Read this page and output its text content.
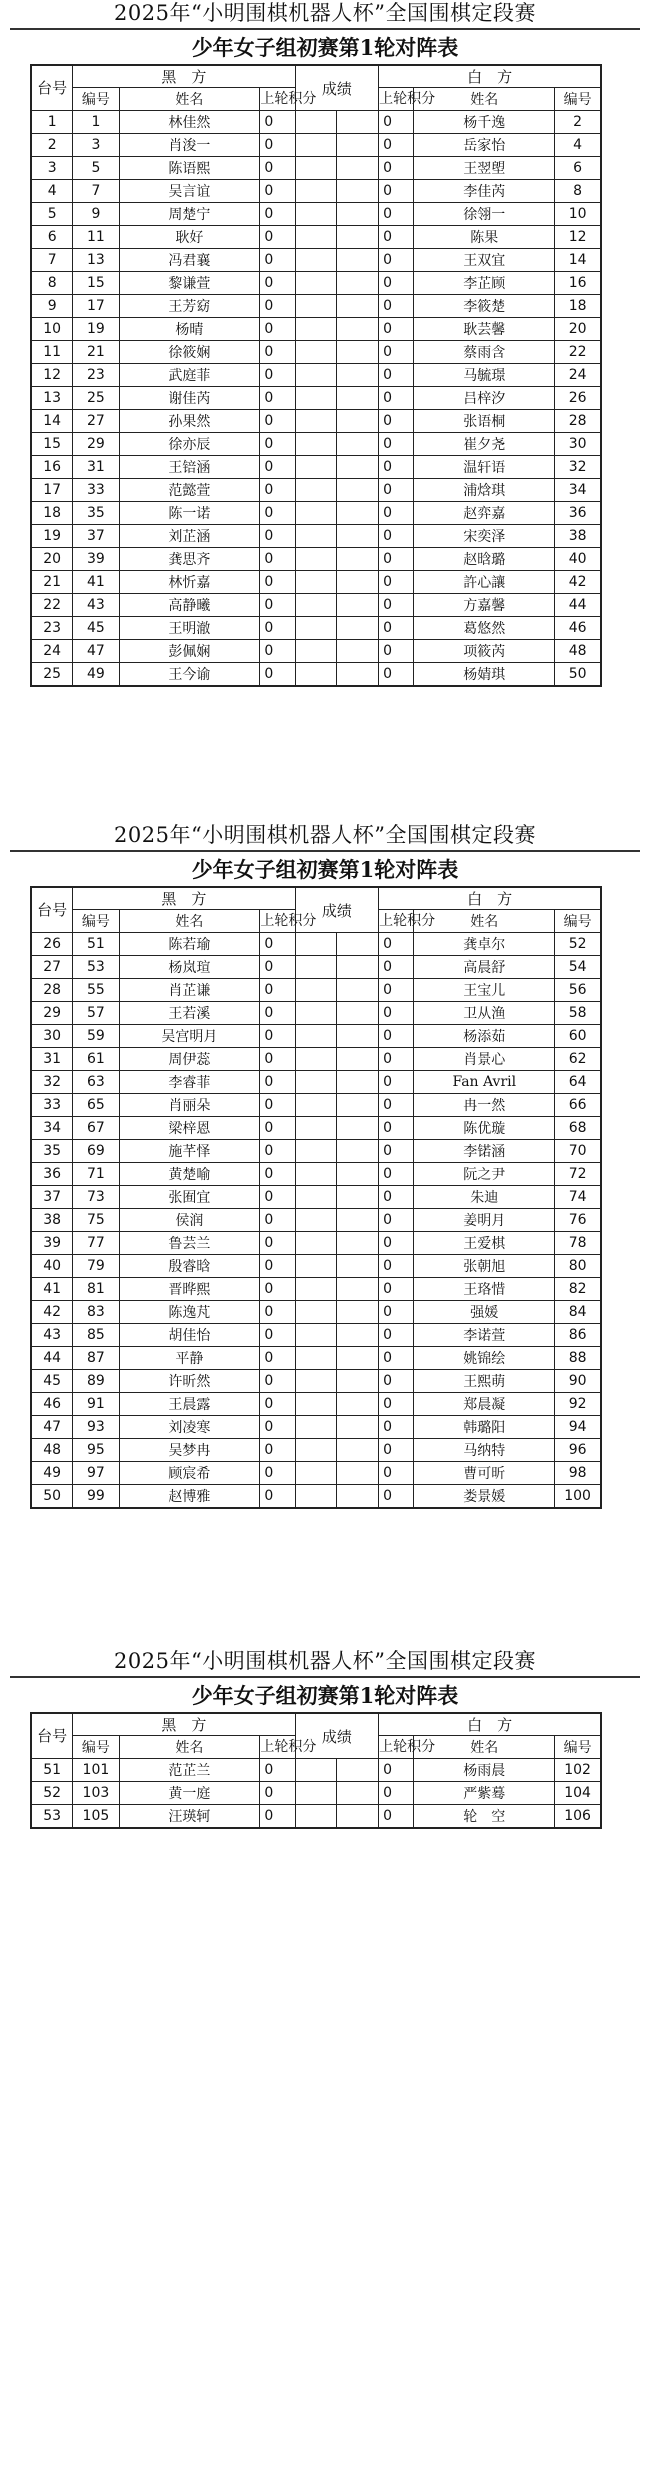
2025年“小明围棋机器人杯”全国围棋定段赛
少年女子组初赛第1轮对阵表
台号	黑　方			成绩		白　方		
	编号	姓名	上轮积分			上轮积分	姓名	编号
1	1	林佳然	0			0	杨千逸	2
2	3	肖浚一	0			0	岳家怡	4
3	5	陈语熙	0			0	王翌塱	6
4	7	吴言谊	0			0	李佳芮	8
5	9	周楚宁	0			0	徐翎一	10
6	11	耿好	0			0	陈果	12
7	13	冯君襄	0			0	王双宜	14
8	15	黎谦萱	0			0	李芷顾	16
9	17	王芳窈	0			0	李筱楚	18
10	19	杨晴	0			0	耿芸馨	20
11	21	徐筱娴	0			0	蔡雨含	22
12	23	武庭菲	0			0	马毓璟	24
13	25	谢佳芮	0			0	吕梓汐	26
14	27	孙果然	0			0	张语桐	28
15	29	徐亦辰	0			0	崔夕尧	30
16	31	王锫涵	0			0	温轩语	32
17	33	范懿萱	0			0	浦焓琪	34
18	35	陈一诺	0			0	赵弈嘉	36
19	37	刘芷涵	0			0	宋奕泽	38
20	39	龚思齐	0			0	赵晗璐	40
21	41	林忻嘉	0			0	許心讓	42
22	43	高静曦	0			0	方嘉馨	44
23	45	王明澈	0			0	葛悠然	46
24	47	彭佩娴	0			0	项筱芮	48
25	49	王今谕	0			0	杨婧琪	50
2025年“小明围棋机器人杯”全国围棋定段赛
少年女子组初赛第1轮对阵表
台号	黑　方			成绩		白　方		
	编号	姓名	上轮积分			上轮积分	姓名	编号
26	51	陈若瑜	0			0	龚卓尔	52
27	53	杨岚瑄	0			0	高晨舒	54
28	55	肖芷谦	0			0	王宝儿	56
29	57	王若溪	0			0	卫从渔	58
30	59	吴宫明月	0			0	杨添茹	60
31	61	周伊蕊	0			0	肖景心	62
32	63	李睿菲	0			0	Fan Avril	64
33	65	肖丽朵	0			0	冉一然	66
34	67	梁梓恩	0			0	陈优璇	68
35	69	施芊怿	0			0	李锘涵	70
36	71	黄楚喻	0			0	阮之尹	72
37	73	张囿宜	0			0	朱迪	74
38	75	侯润	0			0	姜明月	76
39	77	鲁芸兰	0			0	王爱棋	78
40	79	殷睿晗	0			0	张朝旭	80
41	81	晋晔熙	0			0	王珞惜	82
42	83	陈逸芃	0			0	强媛	84
43	85	胡佳怡	0			0	李诺萱	86
44	87	平静	0			0	姚锦绘	88
45	89	许昕然	0			0	王熙萌	90
46	91	王晨露	0			0	郑晨凝	92
47	93	刘凌寒	0			0	韩璐阳	94
48	95	吴梦冉	0			0	马纳特	96
49	97	顾宸希	0			0	曹可昕	98
50	99	赵博雅	0			0	娄景媛	100
2025年“小明围棋机器人杯”全国围棋定段赛
少年女子组初赛第1轮对阵表
台号	黑　方			成绩		白　方		
	编号	姓名	上轮积分			上轮积分	姓名	编号
51	101	范芷兰	0			0	杨雨晨	102
52	103	黄一庭	0			0	严紫蓦	104
53	105	汪瑛轲	0			0	轮　空	106
